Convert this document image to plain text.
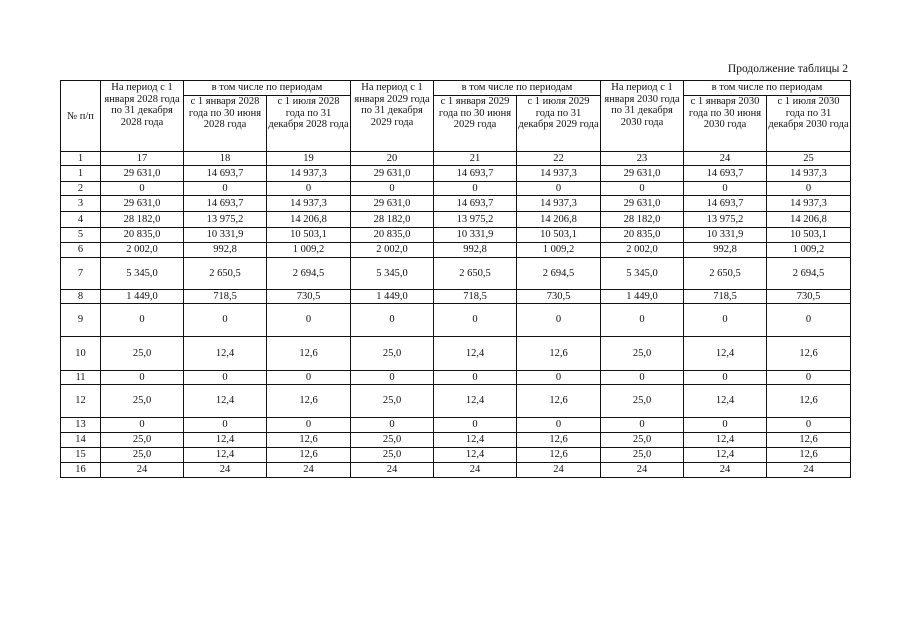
Продолжение таблицы 2
№ п/п	На период с 1 января 2028 года по 31 декабря 2028 года	в том числе по периодам		На период с 1 января 2029 года по 31 декабря 2029 года	в том числе по периодам		На период с 1 января 2030 года по 31 декабря 2030 года	в том числе по периодам	
		с 1 января 2028 года по 30 июня 2028 года	с 1 июля 2028 года по 31 декабря 2028 года		с 1 января 2029 года по 30 июня 2029 года	с 1 июля 2029 года по 31 декабря 2029 года		с 1 января 2030 года по 30 июня 2030 года	с 1 июля 2030 года по 31 декабря 2030 года
1	17	18	19	20	21	22	23	24	25
1	29 631,0	14 693,7	14 937,3	29 631,0	14 693,7	14 937,3	29 631,0	14 693,7	14 937,3
2	0	0	0	0	0	0	0	0	0
3	29 631,0	14 693,7	14 937,3	29 631,0	14 693,7	14 937,3	29 631,0	14 693,7	14 937,3
4	28 182,0	13 975,2	14 206,8	28 182,0	13 975,2	14 206,8	28 182,0	13 975,2	14 206,8
5	20 835,0	10 331,9	10 503,1	20 835,0	10 331,9	10 503,1	20 835,0	10 331,9	10 503,1
6	2 002,0	992,8	1 009,2	2 002,0	992,8	1 009,2	2 002,0	992,8	1 009,2
7	5 345,0	2 650,5	2 694,5	5 345,0	2 650,5	2 694,5	5 345,0	2 650,5	2 694,5
8	1 449,0	718,5	730,5	1 449,0	718,5	730,5	1 449,0	718,5	730,5
9	0	0	0	0	0	0	0	0	0
10	25,0	12,4	12,6	25,0	12,4	12,6	25,0	12,4	12,6
11	0	0	0	0	0	0	0	0	0
12	25,0	12,4	12,6	25,0	12,4	12,6	25,0	12,4	12,6
13	0	0	0	0	0	0	0	0	0
14	25,0	12,4	12,6	25,0	12,4	12,6	25,0	12,4	12,6
15	25,0	12,4	12,6	25,0	12,4	12,6	25,0	12,4	12,6
16	24	24	24	24	24	24	24	24	24
